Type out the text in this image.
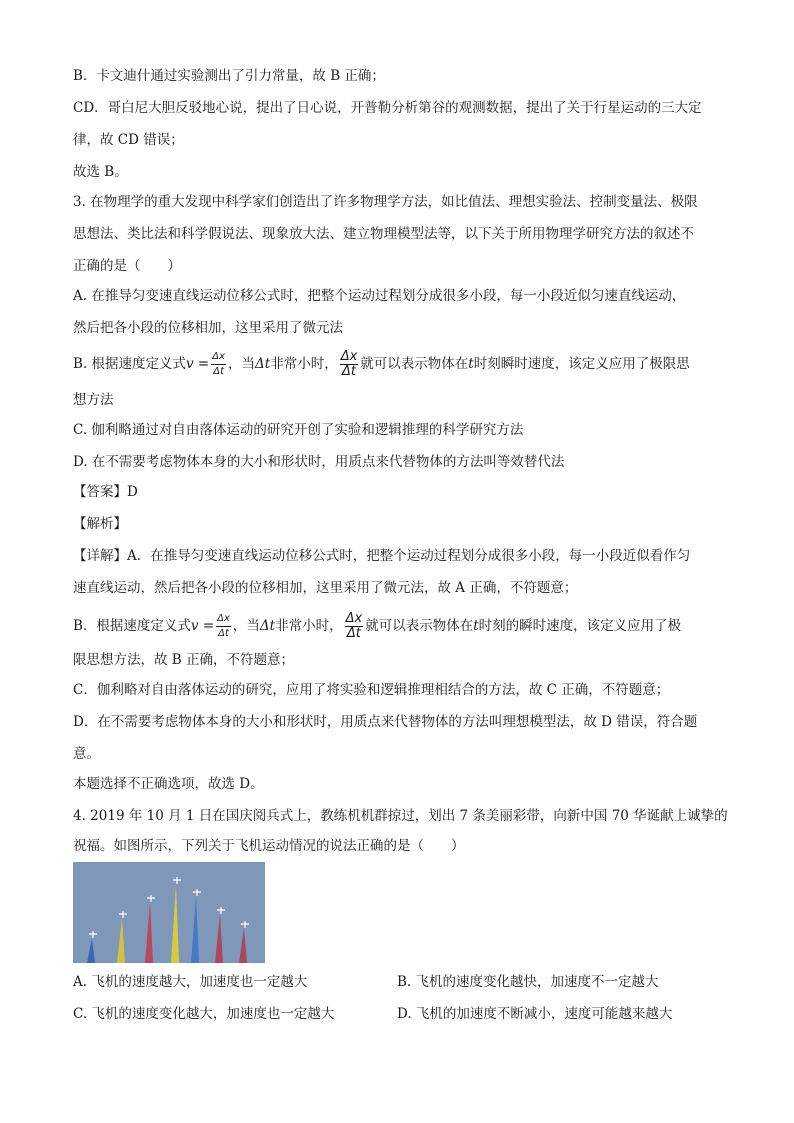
B．卡文迪什通过实验测出了引力常量，故 B 正确；
CD．哥白尼大胆反驳地心说，提出了日心说，开普勒分析第谷的观测数据，提出了关于行星运动的三大定
律，故 CD 错误；
故选 B。
3. 在物理学的重大发现中科学家们创造出了许多物理学方法，如比值法、理想实验法、控制变量法、极限
思想法、类比法和科学假说法、现象放大法、建立物理模型法等，以下关于所用物理学研究方法的叙述不
正确的是（　　）
A. 在推导匀变速直线运动位移公式时，把整个运动过程划分成很多小段，每一小段近似匀速直线运动，
然后把各小段的位移相加，这里采用了微元法
B. 根据速度定义式$v = \frac{\Delta x}{\Delta t}$ ，当Δt非常小时， $\frac{\Delta x}{\Delta t}$ 就可以表示物体在t时刻瞬时速度，该定义应用了极限思
想方法
C. 伽利略通过对自由落体运动的研究开创了实验和逻辑推理的科学研究方法
D. 在不需要考虑物体本身的大小和形状时，用质点来代替物体的方法叫等效替代法
【答案】D
【解析】
【详解】A．在推导匀变速直线运动位移公式时，把整个运动过程划分成很多小段，每一小段近似看作匀
速直线运动，然后把各小段的位移相加，这里采用了微元法，故 A 正确，不符题意；
B．根据速度定义式$v = \frac{\Delta x}{\Delta t}$ ，当Δt非常小时， $\frac{\Delta x}{\Delta t}$ 就可以表示物体在t时刻的瞬时速度，该定义应用了极
限思想方法，故 B 正确，不符题意；
C．伽利略对自由落体运动的研究，应用了将实验和逻辑推理相结合的方法，故 C 正确，不符题意；
D．在不需要考虑物体本身的大小和形状时，用质点来代替物体的方法叫理想模型法，故 D 错误，符合题
意。
本题选择不正确选项，故选 D。
4. 2019 年 10 月 1 日在国庆阅兵式上，教练机机群掠过，划出 7 条美丽彩带，向新中国 70 华诞献上诚挚的
祝福。如图所示，下列关于飞机运动情况的说法正确的是（　　）
A. 飞机的速度越大，加速度也一定越大	B. 飞机的速度变化越快，加速度不一定越大
C. 飞机的速度变化越大，加速度也一定越大	D. 飞机的加速度不断减小，速度可能越来越大
